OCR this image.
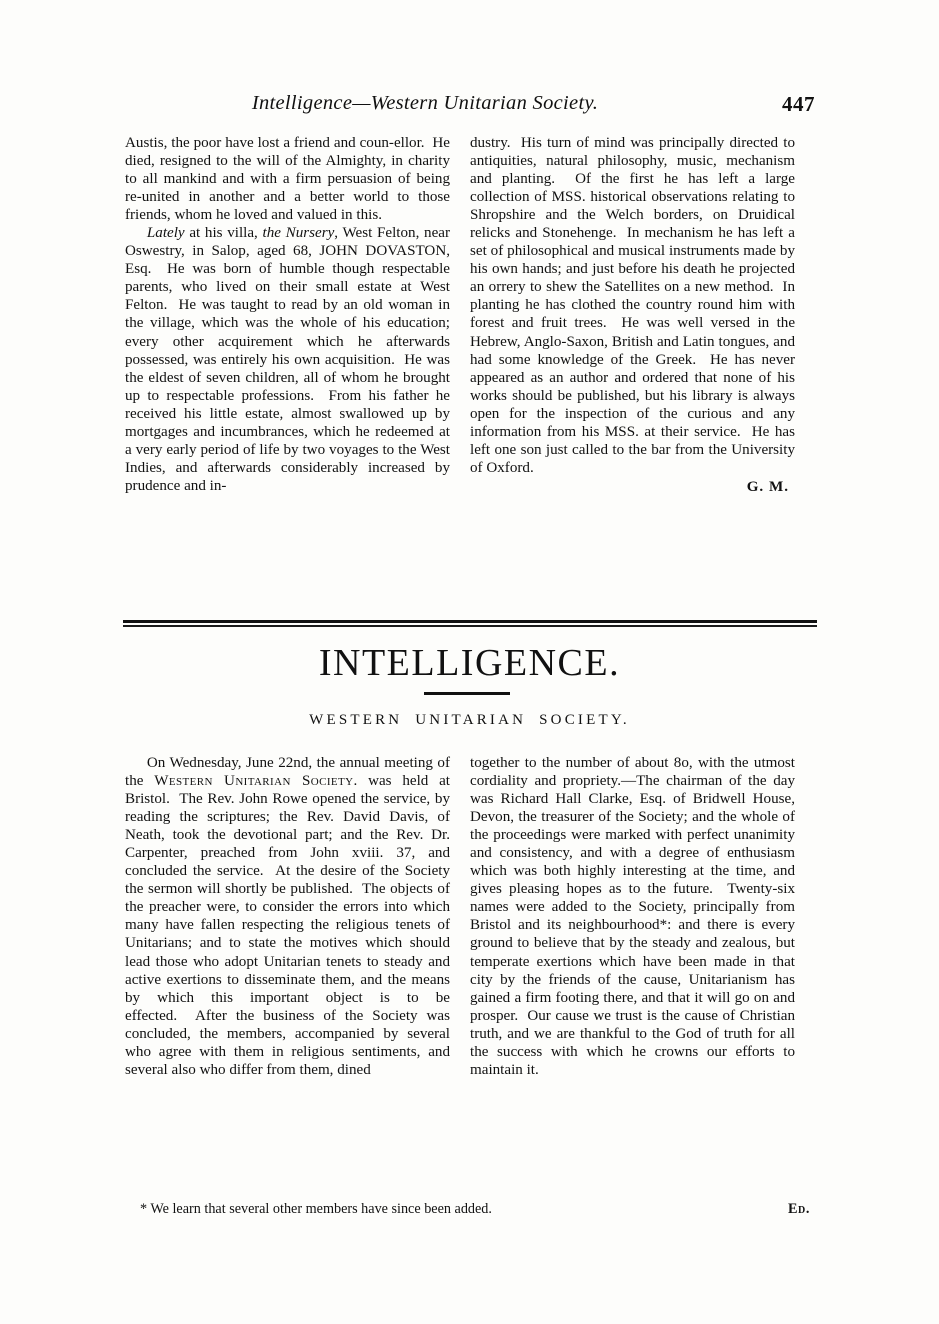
Intelligence—Western Unitarian Society.	447

Austis, the poor have lost a friend and coun-ellor. He died, resigned to the will of the Almighty, in charity to all mankind and with a firm persuasion of being re-united in another and a better world to those friends, whom he loved and valued in this.

Lately at his villa, the Nursery, West Felton, near Oswestry, in Salop, aged 68, JOHN DOVASTON, Esq. He was born of humble though respectable parents, who lived on their small estate at West Felton. He was taught to read by an old woman in the village, which was the whole of his education; every other acquirement which he afterwards possessed, was entirely his own acquisition. He was the eldest of seven children, all of whom he brought up to respectable professions. From his father he received his little estate, almost swallowed up by mortgages and incumbrances, which he redeemed at a very early period of life by two voyages to the West Indies, and afterwards considerably increased by prudence and in-

dustry. His turn of mind was principally directed to antiquities, natural philosophy, music, mechanism and planting. Of the first he has left a large collection of MSS. historical observations relating to Shropshire and the Welch borders, on Druidical relicks and Stonehenge. In mechanism he has left a set of philosophical and musical instruments made by his own hands; and just before his death he projected an orrery to shew the Satellites on a new method. In planting he has clothed the country round him with forest and fruit trees. He was well versed in the Hebrew, Anglo-Saxon, British and Latin tongues, and had some knowledge of the Greek. He has never appeared as an author and ordered that none of his works should be published, but his library is always open for the inspection of the curious and any information from his MSS. at their service. He has left one son just called to the bar from the University of Oxford.

G. M.
INTELLIGENCE.
WESTERN UNITARIAN SOCIETY.

On Wednesday, June 22nd, the annual meeting of the Western Unitarian Society. was held at Bristol. The Rev. John Rowe opened the service, by reading the scriptures; the Rev. David Davis, of Neath, took the devotional part; and the Rev. Dr. Carpenter, preached from John xviii. 37, and concluded the service. At the desire of the Society the sermon will shortly be published. The objects of the preacher were, to consider the errors into which many have fallen respecting the religious tenets of Unitarians; and to state the motives which should lead those who adopt Unitarian tenets to steady and active exertions to disseminate them, and the means by which this important object is to be effected. After the business of the Society was concluded, the members, accompanied by several who agree with them in religious sentiments, and several also who differ from them, dined

together to the number of about 8o, with the utmost cordiality and propriety.—The chairman of the day was Richard Hall Clarke, Esq. of Bridwell House, Devon, the treasurer of the Society; and the whole of the proceedings were marked with perfect unanimity and consistency, and with a degree of enthusiasm which was both highly interesting at the time, and gives pleasing hopes as to the future. Twenty-six names were added to the Society, principally from Bristol and its neighbourhood*: and there is every ground to believe that by the steady and zealous, but temperate exertions which have been made in that city by the friends of the cause, Unitarianism has gained a firm footing there, and that it will go on and prosper. Our cause we trust is the cause of Christian truth, and we are thankful to the God of truth for all the success with which he crowns our efforts to maintain it.

* We learn that several other members have since been added.	Ed.
